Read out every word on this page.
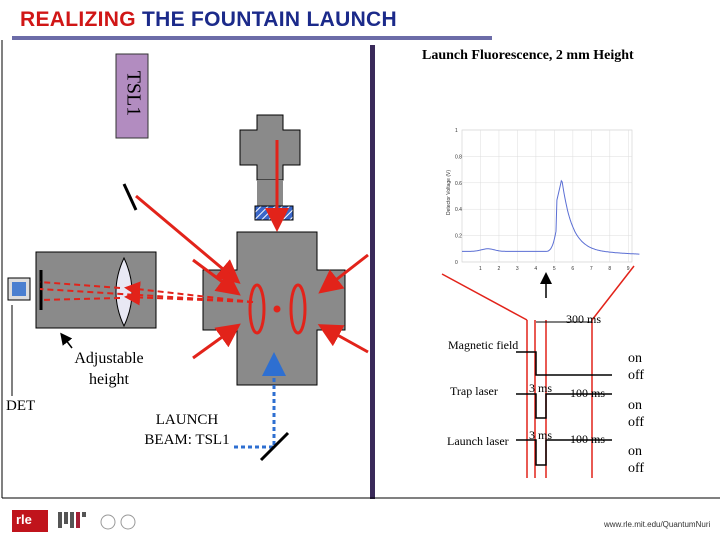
REALIZING THE FOUNTAIN LAUNCH
1
0.8
0.6
0.4
0.2
0
1	2	3	4	5	6	7	8	9
Detector Voltage (V)
TSL1
Adjustable
height
DET
LAUNCH
BEAM: TSL1
Launch Fluorescence, 2 mm Height
300 ms
Magnetic field
Trap laser
Launch laser
3 ms
3 ms
100 ms
100 ms
on
off
on
off
on
off
rle	www.rle.mit.edu/QuantumNuri
